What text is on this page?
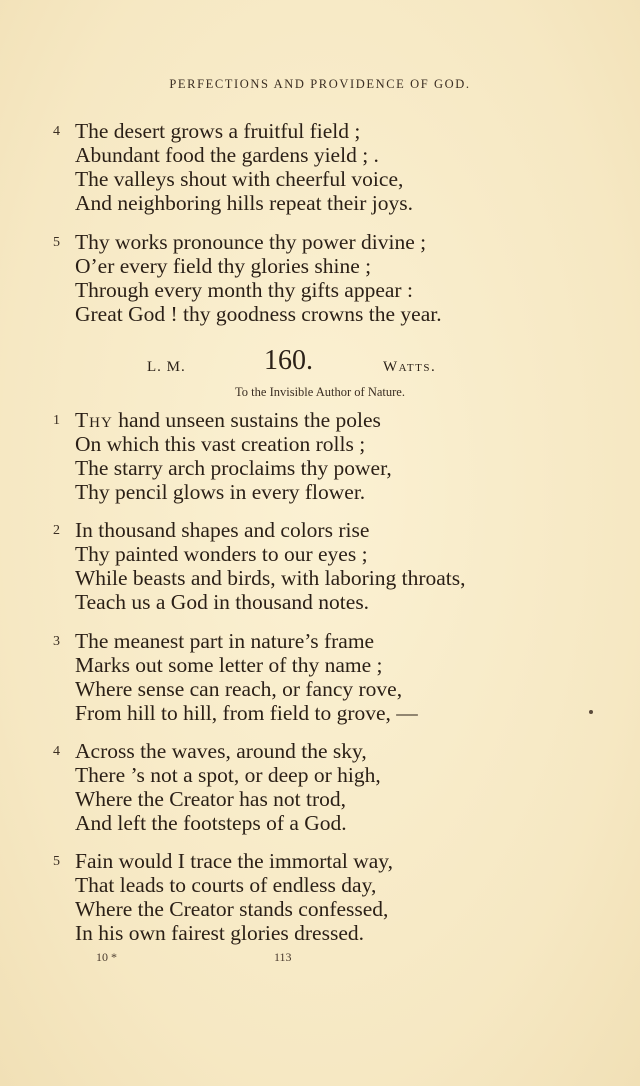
PERFECTIONS AND PROVIDENCE OF GOD.
4 The desert grows a fruitful field ;
Abundant food the gardens yield ; .
The valleys shout with cheerful voice,
And neighboring hills repeat their joys.
5 Thy works pronounce thy power divine ;
O’er every field thy glories shine ;
Through every month thy gifts appear :
Great God ! thy goodness crowns the year.
L. M.	160.	Watts.
To the Invisible Author of Nature.
1 Thy hand unseen sustains the poles
On which this vast creation rolls ;
The starry arch proclaims thy power,
Thy pencil glows in every flower.
2 In thousand shapes and colors rise
Thy painted wonders to our eyes ;
While beasts and birds, with laboring throats,
Teach us a God in thousand notes.
3 The meanest part in nature’s frame
Marks out some letter of thy name ;
Where sense can reach, or fancy rove,
From hill to hill, from field to grove, —
4 Across the waves, around the sky,
There ’s not a spot, or deep or high,
Where the Creator has not trod,
And left the footsteps of a God.
5 Fain would I trace the immortal way,
That leads to courts of endless day,
Where the Creator stands confessed,
In his own fairest glories dressed.
10 *	113
